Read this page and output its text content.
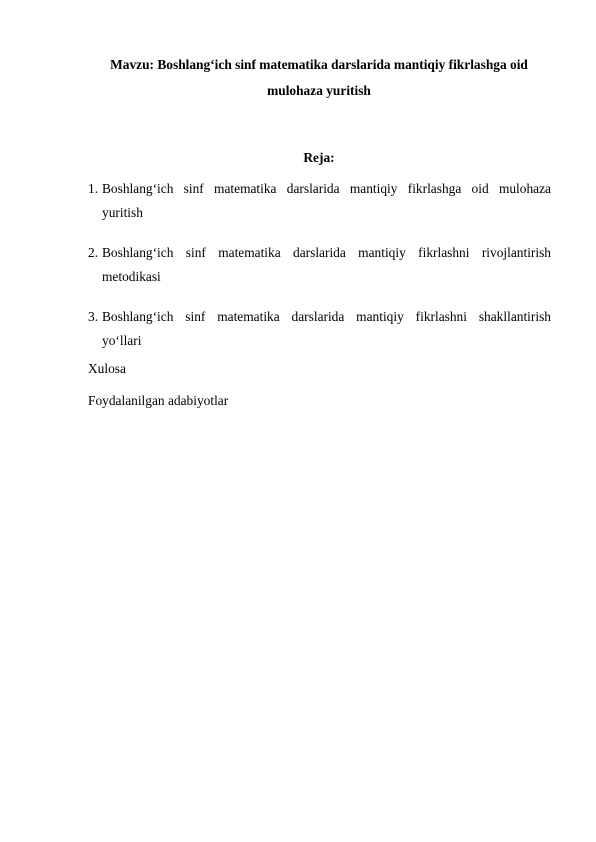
Mavzu: Boshlang‘ich sinf matematika darslarida mantiqiy fikrlashga oid
mulohaza yuritish
Reja:
1. Boshlang‘ich sinf matematika darslarida mantiqiy fikrlashga oid mulohaza
yuritish
2. Boshlang‘ich sinf matematika darslarida mantiqiy fikrlashni rivojlantirish
metodikasi
3. Boshlang‘ich sinf matematika darslarida mantiqiy fikrlashni shakllantirish
yo‘llari
Xulosa
Foydalanilgan adabiyotlar
